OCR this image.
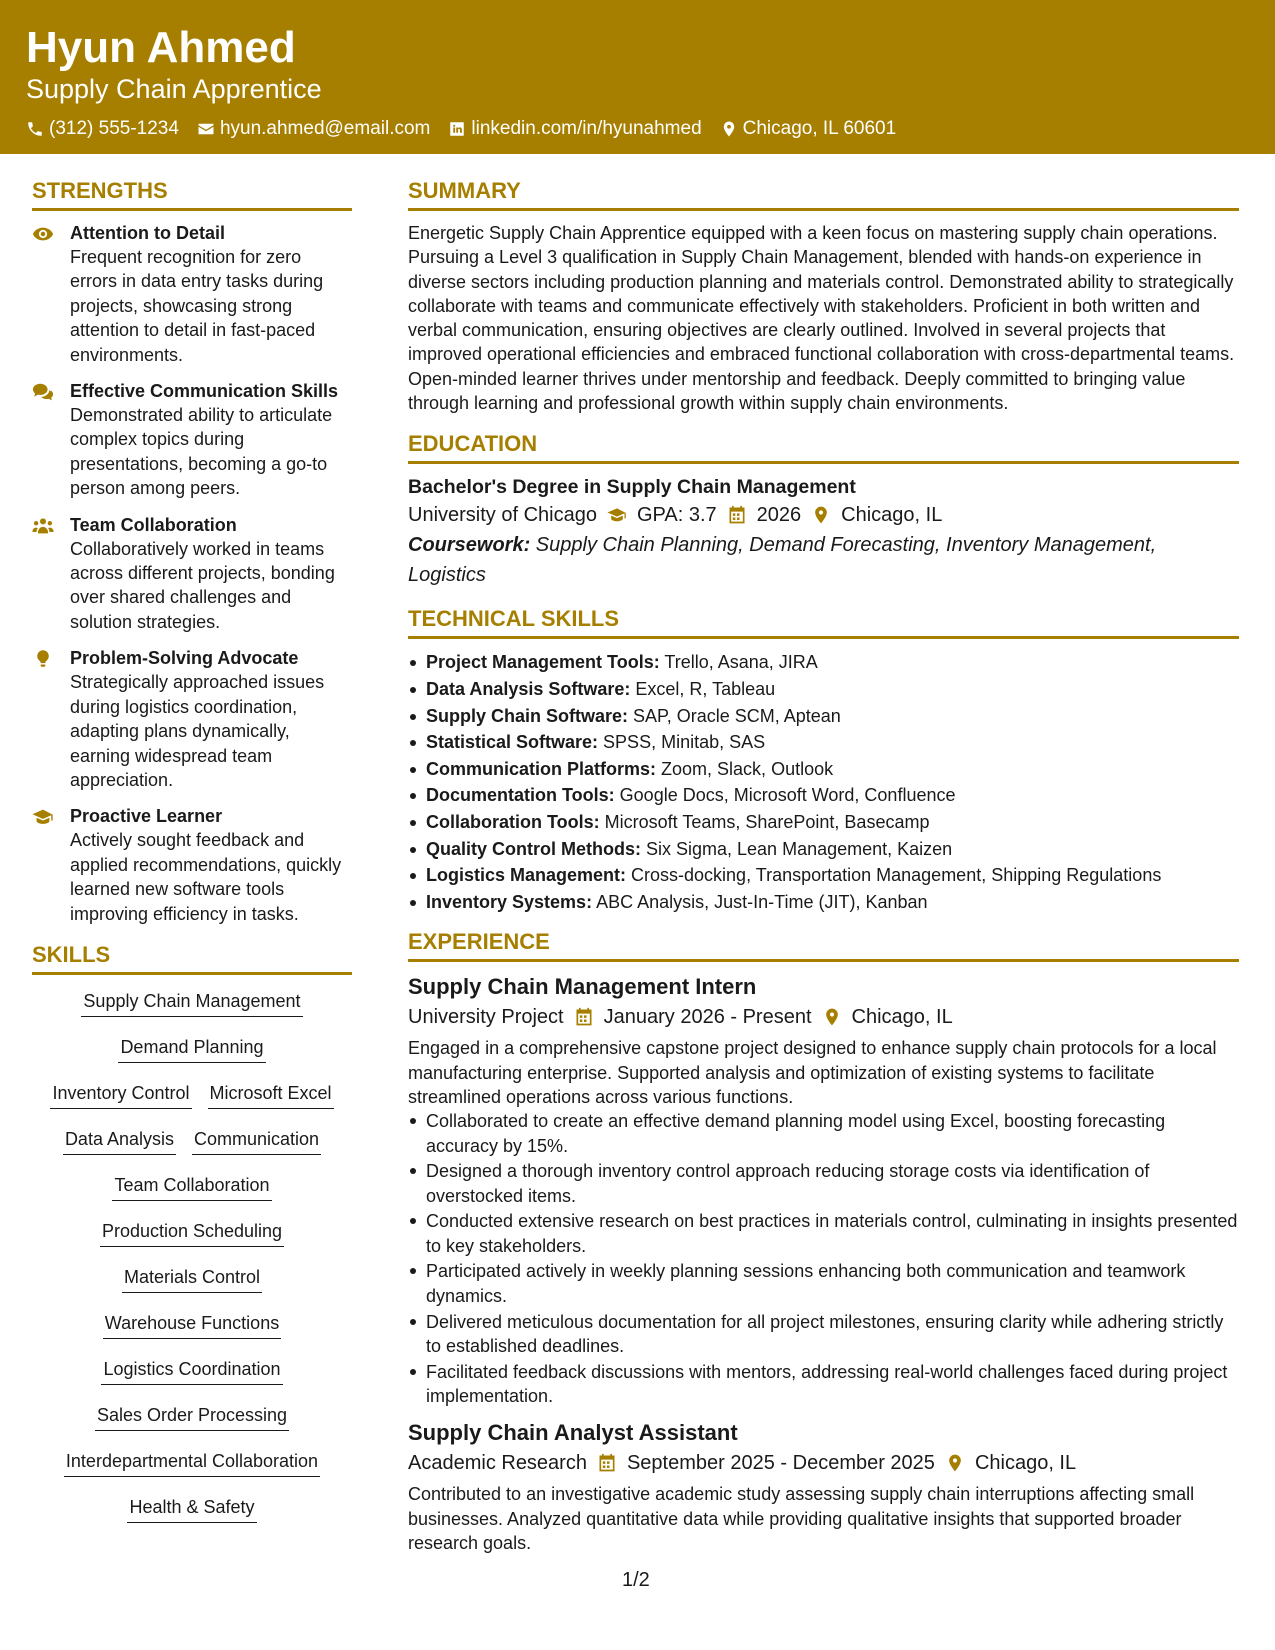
Hyun Ahmed
Supply Chain Apprentice
(312) 555-1234 hyun.ahmed@email.com linkedin.com/in/hyunahmed Chicago, IL 60601
STRENGTHS
Attention to Detail
Frequent recognition for zero errors in data entry tasks during projects, showcasing strong attention to detail in fast-paced environments.
Effective Communication Skills
Demonstrated ability to articulate complex topics during presentations, becoming a go-to person among peers.
Team Collaboration
Collaboratively worked in teams across different projects, bonding over shared challenges and solution strategies.
Problem-Solving Advocate
Strategically approached issues during logistics coordination, adapting plans dynamically, earning widespread team appreciation.
Proactive Learner
Actively sought feedback and applied recommendations, quickly learned new software tools improving efficiency in tasks.
SKILLS
Supply Chain Management
Demand Planning
Inventory Control Microsoft Excel
Data Analysis Communication
Team Collaboration
Production Scheduling
Materials Control
Warehouse Functions
Logistics Coordination
Sales Order Processing
Interdepartmental Collaboration
Health & Safety
SUMMARY
Energetic Supply Chain Apprentice equipped with a keen focus on mastering supply chain operations. Pursuing a Level 3 qualification in Supply Chain Management, blended with hands-on experience in diverse sectors including production planning and materials control. Demonstrated ability to strategically collaborate with teams and communicate effectively with stakeholders. Proficient in both written and verbal communication, ensuring objectives are clearly outlined. Involved in several projects that improved operational efficiencies and embraced functional collaboration with cross-departmental teams. Open-minded learner thrives under mentorship and feedback. Deeply committed to bringing value through learning and professional growth within supply chain environments.
EDUCATION
Bachelor's Degree in Supply Chain Management
University of Chicago GPA: 3.7 2026 Chicago, IL
Coursework: Supply Chain Planning, Demand Forecasting, Inventory Management, Logistics
TECHNICAL SKILLS
Project Management Tools: Trello, Asana, JIRA
Data Analysis Software: Excel, R, Tableau
Supply Chain Software: SAP, Oracle SCM, Aptean
Statistical Software: SPSS, Minitab, SAS
Communication Platforms: Zoom, Slack, Outlook
Documentation Tools: Google Docs, Microsoft Word, Confluence
Collaboration Tools: Microsoft Teams, SharePoint, Basecamp
Quality Control Methods: Six Sigma, Lean Management, Kaizen
Logistics Management: Cross-docking, Transportation Management, Shipping Regulations
Inventory Systems: ABC Analysis, Just-In-Time (JIT), Kanban
EXPERIENCE
Supply Chain Management Intern
University Project January 2026 - Present Chicago, IL
Engaged in a comprehensive capstone project designed to enhance supply chain protocols for a local manufacturing enterprise. Supported analysis and optimization of existing systems to facilitate streamlined operations across various functions.
Collaborated to create an effective demand planning model using Excel, boosting forecasting accuracy by 15%.
Designed a thorough inventory control approach reducing storage costs via identification of overstocked items.
Conducted extensive research on best practices in materials control, culminating in insights presented to key stakeholders.
Participated actively in weekly planning sessions enhancing both communication and teamwork dynamics.
Delivered meticulous documentation for all project milestones, ensuring clarity while adhering strictly to established deadlines.
Facilitated feedback discussions with mentors, addressing real-world challenges faced during project implementation.
Supply Chain Analyst Assistant
Academic Research September 2025 - December 2025 Chicago, IL
Contributed to an investigative academic study assessing supply chain interruptions affecting small businesses. Analyzed quantitative data while providing qualitative insights that supported broader research goals.
1/2
